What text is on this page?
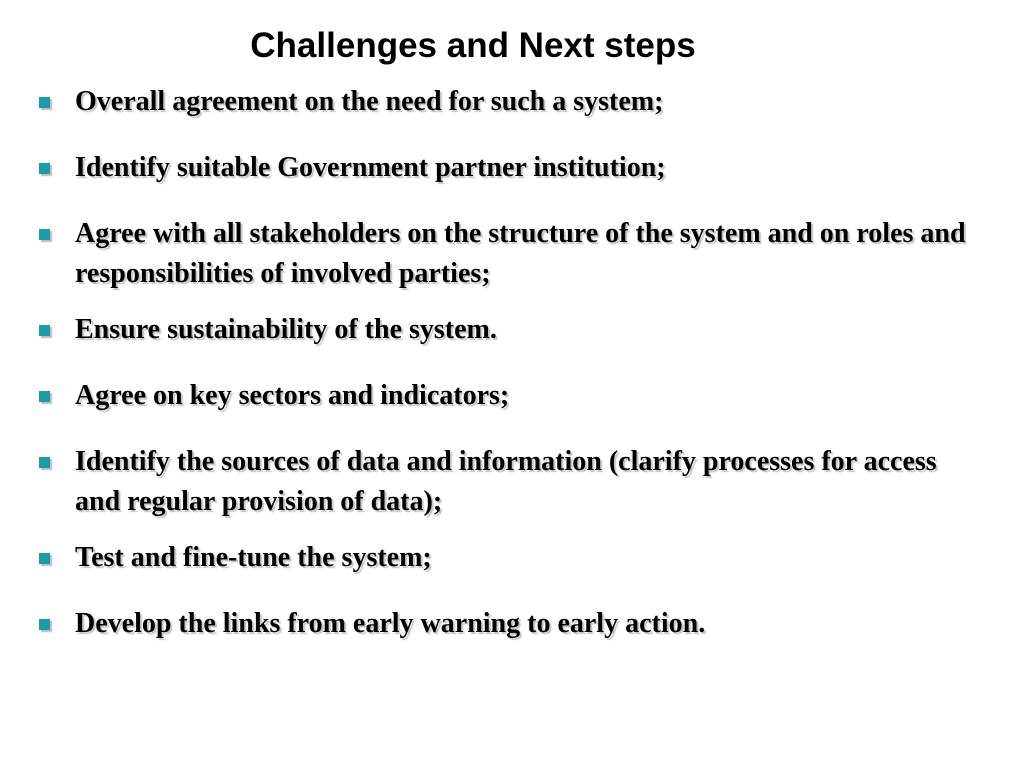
Challenges and Next steps
Overall agreement on the need for such a system;
Identify suitable Government partner institution;
Agree with all stakeholders on the structure of the system and on roles and responsibilities of involved parties;
Ensure sustainability of the system.
Agree on key sectors and indicators;
Identify the sources of data and information (clarify processes for access and regular provision of data);
Test and fine-tune the system;
Develop the links from early warning to early action.
